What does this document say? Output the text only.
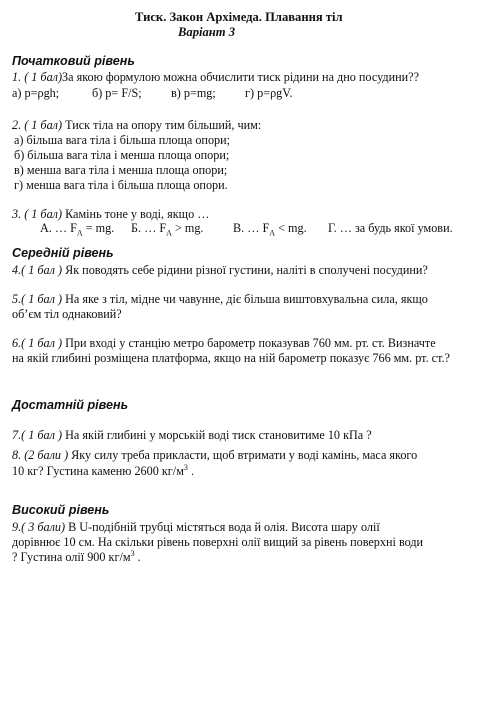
Тиск. Закон Архімеда. Плавання тіл
Варіант 3
Початковий рівень
1. ( 1 бал)За якою формулою можна обчислити тиск рідини на дно посудини??
а) p=ρgh;	б) p= F/S; в) p=mg; г) p=ρgV.
2. ( 1 бал) Тиск тіла на опору тим більший, чим:
а) більша вага тіла і більша площа опори;
б) більша вага тіла і менша площа опори;
в) менша вага тіла і менша площа опори;
г) менша вага тіла і більша площа опори.
3. ( 1 бал) Камінь тоне у воді, якщо …
А. … $F_A$ = mg. Б. … $F_A$ > mg. В. … $F_A$ < mg. Г. … за будь якої умови.
Середній рівень
4.( 1 бал ) Як поводять себе рідини різної густини, наліті в сполучені посудини?
5.( 1 бал ) На яке з тіл, мідне чи чавунне, діє більша виштовхувальна сила, якщо
об’єм тіл однаковий?
6.( 1 бал ) При вході у станцію метро барометр показував 760 мм. рт. ст. Визначте
на якій глибині розміщена платформа, якщо на ній барометр показує 766 мм. рт. ст.?
Достатній рівень
7.( 1 бал ) На якій глибині у морській воді тиск становитиме 10 кПа ?
8. (2 бали ) Яку силу треба прикласти, щоб втримати у воді камінь, маса якого
10 кг? Густина каменю 2600 $кг/м^3$ .
Високий рівень
9.( 3 бали) В U-подібній трубці містяться вода й олія. Висота шару олії
дорівнює 10 см. На скільки рівень поверхні олії вищий за рівень поверхні води
? Густина олії 900 $кг/м^3$ .
